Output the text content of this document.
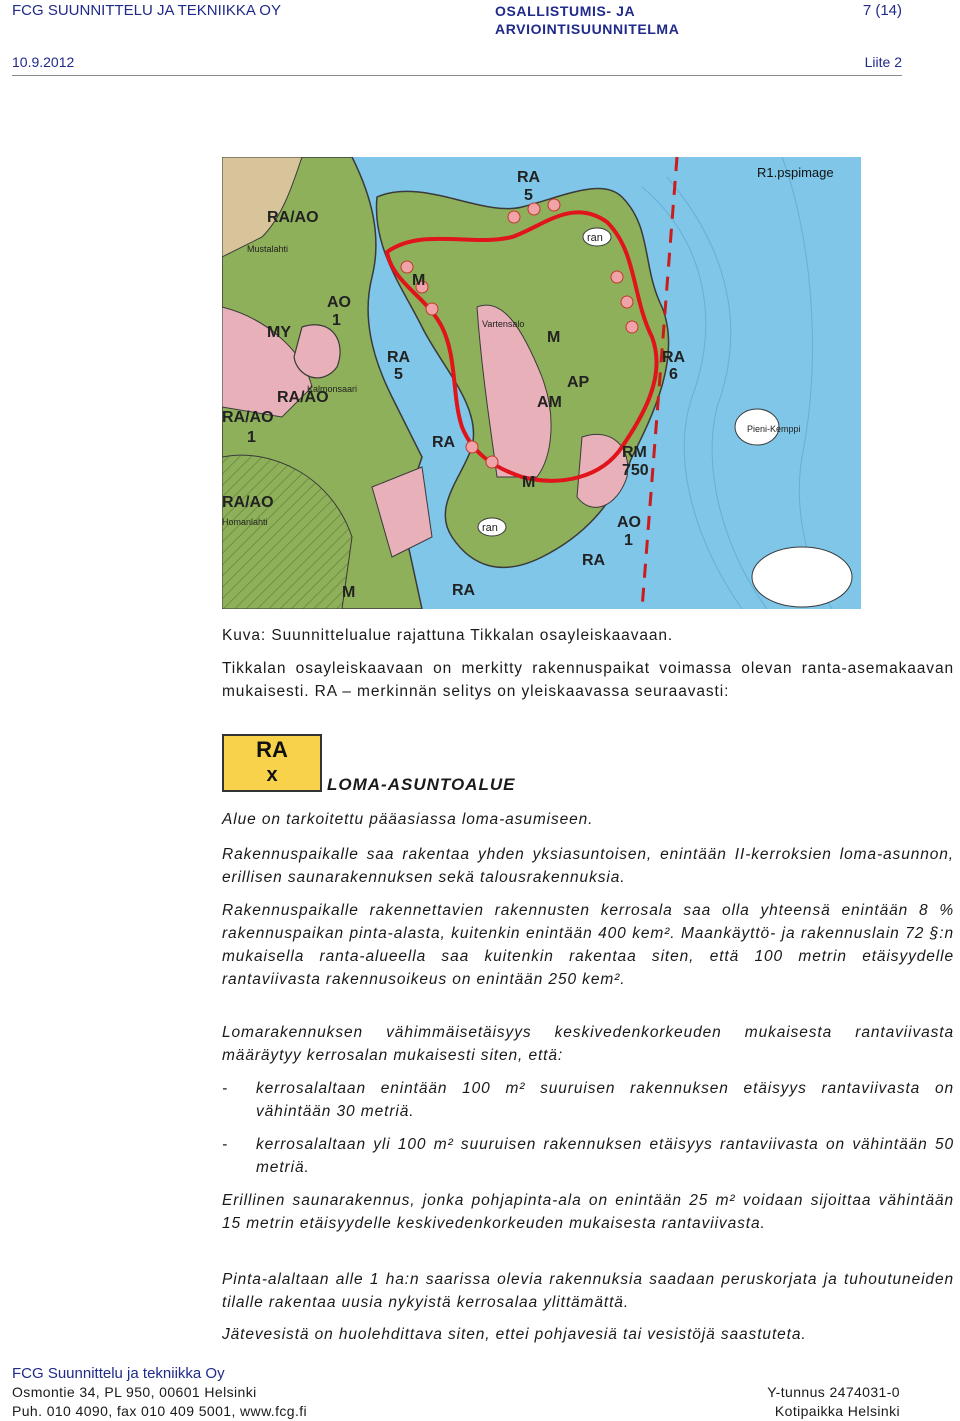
FCG SUUNNITTELU JA TEKNIIKKA OY	OSALLISTUMIS- JA
ARVIOINTISUUNNITELMA
7 (14)
10.9.2012	Liite 2
RA
5
RA/AO
M
AO
1
MY
RA
5
M
AP
AM
RA
6
RA/AO
RA/AO
1	RA
M
RM
750
AO
1
RA
RA/AO
M	RA
ran
ran
Mustalahti
Vartensalo
Kalmonsaari
Homanlahti
Pieni-Kemppi
R1.pspimage
Kuva: Suunnittelualue rajattuna Tikkalan osayleiskaavaan.
Tikkalan osayleiskaavaan on merkitty rakennuspaikat voimassa olevan ranta-asemakaavan mukaisesti. RA – merkinnän selitys on yleiskaavassa seuraavasti:
RA
x	LOMA-ASUNTOALUE
Alue on tarkoitettu pääasiassa loma-asumiseen.
Rakennuspaikalle saa rakentaa yhden yksiasuntoisen, enintään II-kerroksien loma-asunnon, erillisen saunarakennuksen sekä talousrakennuksia.
Rakennuspaikalle rakennettavien rakennusten kerrosala saa olla yhteensä enintään 8 % rakennuspaikan pinta-alasta, kuitenkin enintään 400 kem². Maankäyttö- ja rakennuslain 72 §:n mukaisella ranta-alueella saa kuitenkin rakentaa siten, että 100 metrin etäisyydelle rantaviivasta rakennusoikeus on enintään 250 kem².
Lomarakennuksen vähimmäisetäisyys keskivedenkorkeuden mukaisesta rantaviivasta määräytyy kerrosalan mukaisesti siten, että:
- kerrosalaltaan enintään 100 m² suuruisen rakennuksen etäisyys rantaviivasta on vähintään 30 metriä.
- kerrosalaltaan yli 100 m² suuruisen rakennuksen etäisyys rantaviivasta on vähintään 50 metriä.
Erillinen saunarakennus, jonka pohjapinta-ala on enintään 25 m² voidaan sijoittaa vähintään 15 metrin etäisyydelle keskivedenkorkeuden mukaisesta rantaviivasta.
Pinta-alaltaan alle 1 ha:n saarissa olevia rakennuksia saadaan peruskorjata ja tuhoutuneiden tilalle rakentaa uusia nykyistä kerrosalaa ylittämättä.
Jätevesistä on huolehdittava siten, ettei pohjavesiä tai vesistöjä saastuteta.
FCG Suunnittelu ja tekniikka Oy
Osmontie 34, PL 950, 00601 Helsinki
Puh. 010 4090, fax 010 409 5001, www.fcg.fi
Y-tunnus 2474031-0
Kotipaikka Helsinki
